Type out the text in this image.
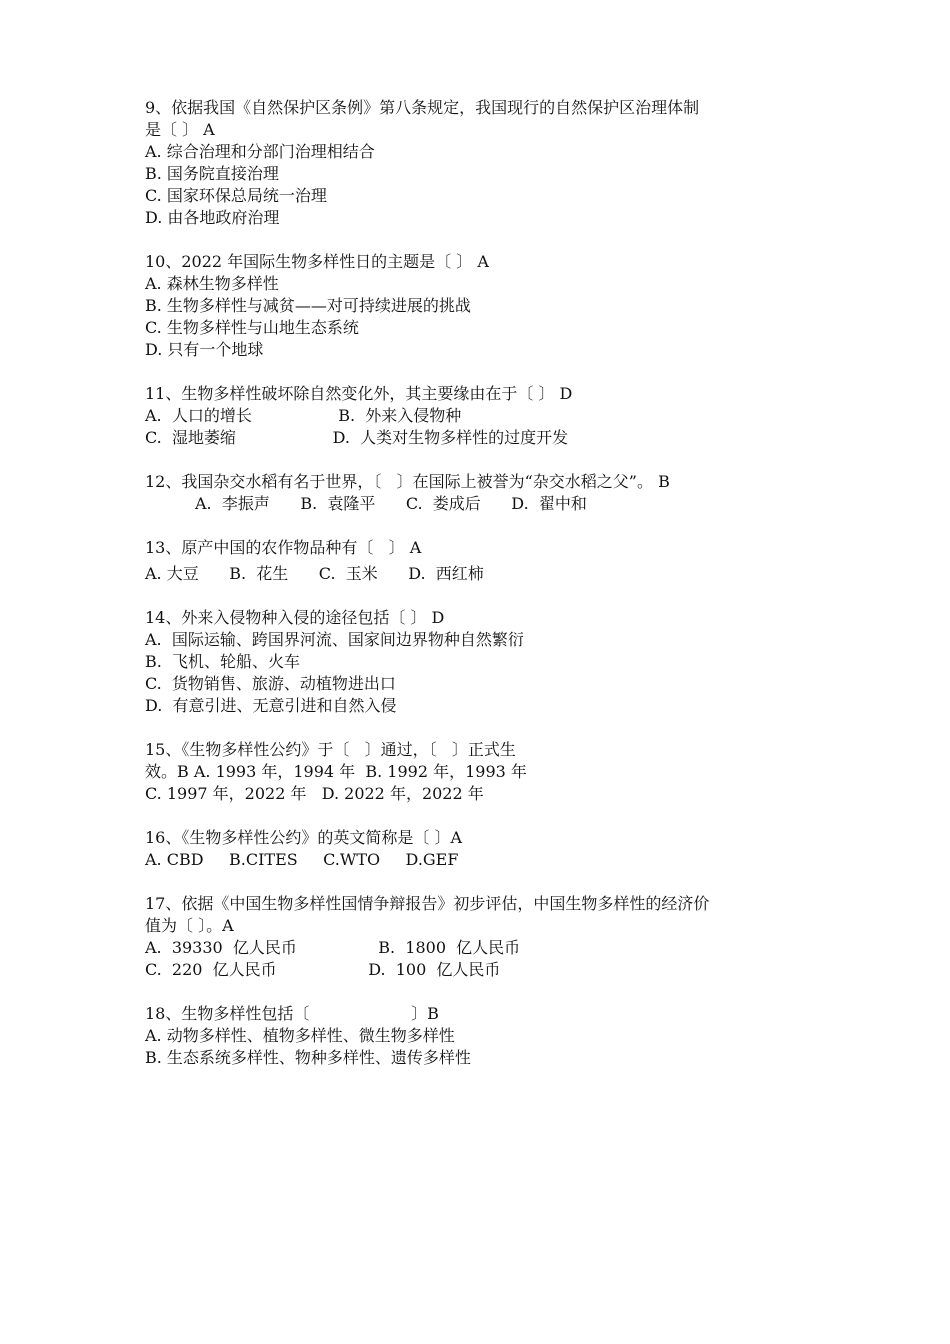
9、依据我国《自然保护区条例》第八条规定，我国现行的自然保护区治理体制
是〔 〕 A
A. 综合治理和分部门治理相结合
B. 国务院直接治理
C. 国家环保总局统一治理
D. 由各地政府治理
10、2022 年国际生物多样性日的主题是〔 〕 A
A. 森林生物多样性
B. 生物多样性与减贫——对可持续进展的挑战
C. 生物多样性与山地生态系统
D. 只有一个地球
11、生物多样性破坏除自然变化外，其主要缘由在于〔 〕 D
A.  人口的增长                 B.  外来入侵物种
C.  湿地萎缩                   D.  人类对生物多样性的过度开发
12、我国杂交水稻有名于世界，〔   〕在国际上被誉为“杂交水稻之父”。 B
A.  李振声      B.  袁隆平      C.  娄成后      D.  翟中和
13、原产中国的农作物品种有〔   〕 A
A. 大豆      B.  花生      C.  玉米      D.  西红柿
14、外来入侵物种入侵的途径包括〔 〕 D
A.  国际运输、跨国界河流、国家间边界物种自然繁衍
B.  飞机、轮船、火车
C.  货物销售、旅游、动植物进出口
D.  有意引进、无意引进和自然入侵
15、《生物多样性公约》于〔   〕通过，〔   〕正式生
效。B A. 1993 年，1994 年  B. 1992 年，1993 年
C. 1997 年，2022 年   D. 2022 年，2022 年
16、《生物多样性公约》的英文简称是〔 〕A
A. CBD     B.CITES     C.WTO     D.GEF
17、依据《中国生物多样性国情争辩报告》初步评估，中国生物多样性的经济价
值为〔 〕。A
A.  39330  亿人民币                B.  1800  亿人民币
C.  220  亿人民币                  D.  100  亿人民币
18、生物多样性包括〔                    〕B
A. 动物多样性、植物多样性、微生物多样性
B. 生态系统多样性、物种多样性、遗传多样性
